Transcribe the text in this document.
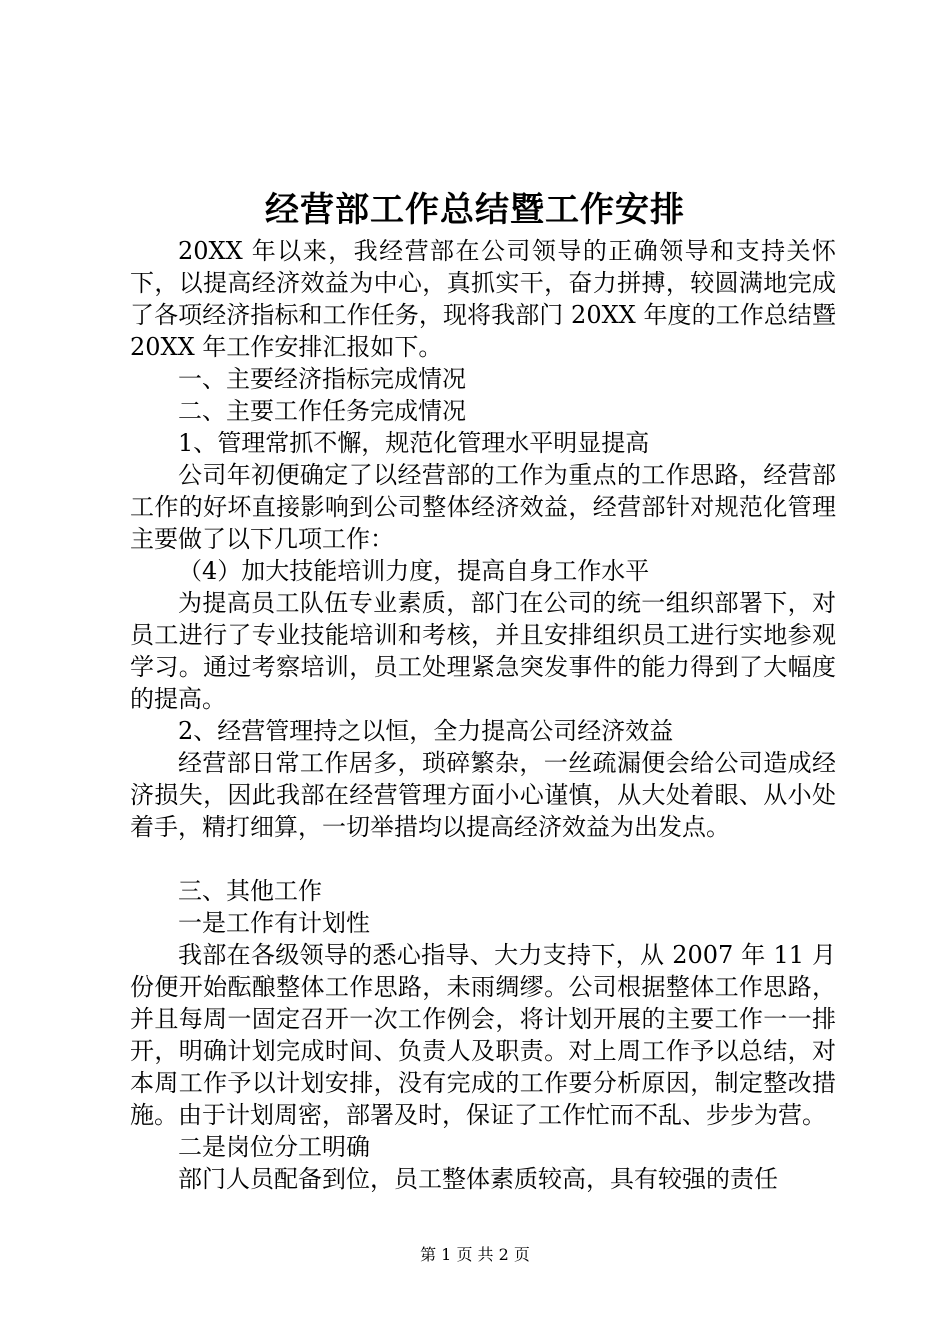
经营部工作总结暨工作安排

20XX 年以来，我经营部在公司领导的正确领导和支持关怀下，以提高经济效益为中心，真抓实干，奋力拼搏，较圆满地完成了各项经济指标和工作任务，现将我部门 20XX 年度的工作总结暨 20XX 年工作安排汇报如下。

一、主要经济指标完成情况

二、主要工作任务完成情况

1、管理常抓不懈，规范化管理水平明显提高

公司年初便确定了以经营部的工作为重点的工作思路，经营部工作的好坏直接影响到公司整体经济效益，经营部针对规范化管理主要做了以下几项工作：

（4）加大技能培训力度，提高自身工作水平

为提高员工队伍专业素质，部门在公司的统一组织部署下，对员工进行了专业技能培训和考核，并且安排组织员工进行实地参观学习。通过考察培训，员工处理紧急突发事件的能力得到了大幅度的提高。

2、经营管理持之以恒，全力提高公司经济效益

经营部日常工作居多，琐碎繁杂，一丝疏漏便会给公司造成经济损失，因此我部在经营管理方面小心谨慎，从大处着眼、从小处着手，精打细算，一切举措均以提高经济效益为出发点。

三、其他工作

一是工作有计划性

我部在各级领导的悉心指导、大力支持下，从 2007 年 11 月份便开始酝酿整体工作思路，未雨绸缪。公司根据整体工作思路，并且每周一固定召开一次工作例会，将计划开展的主要工作一一排开，明确计划完成时间、负责人及职责。对上周工作予以总结，对本周工作予以计划安排，没有完成的工作要分析原因，制定整改措施。由于计划周密，部署及时，保证了工作忙而不乱、步步为营。

二是岗位分工明确

部门人员配备到位，员工整体素质较高，具有较强的责任

第 1 页 共 2 页
